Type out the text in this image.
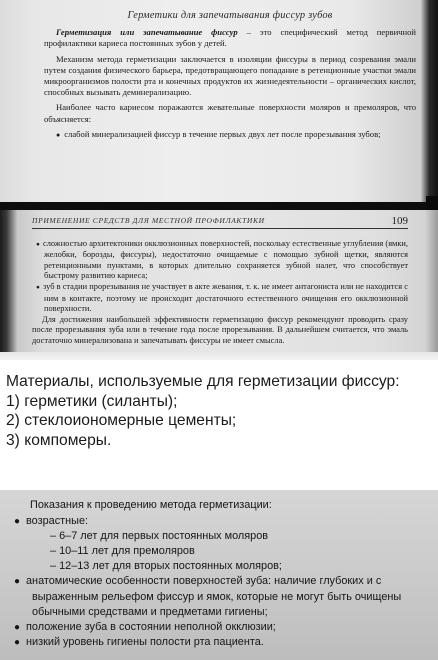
Герметики для запечатывания фиссур зубов

Герметизация или запечатывание фиссур – это специфический метод первичной профилактики кариеса постоянных зубов у детей.

Механизм метода герметизации заключается в изоляции фиссуры в период созревания эмали путем создания физического барьера, предотвращающего попадание в ретенционные участки эмали микроорганизмов полости рта и конечных продуктов их жизнедеятельности – органических кислот, способных вызывать деминерализацию.

Наиболее часто кариесом поражаются жевательные поверхности моляров и премоляров, что объясняется:

● слабой минерализацией фиссур в течение первых двух лет после прорезывания зубов;
ПРИМЕНЕНИЕ СРЕДСТВ ДЛЯ МЕСТНОЙ ПРОФИЛАКТИКИ	109
● сложностью архитектоники окклюзионных поверхностей, поскольку естественные углубления (ямки, желобки, борозды, фиссуры), недостаточно очищаемые с помощью зубной щетки, являются ретенционными пунктами, в которых длительно сохраняется зубной налет, что способствует быстрому развитию кариеса;
● зуб в стадии прорезывания не участвует в акте жевания, т. к. не имеет антагониста или не находится с ним в контакте, поэтому не происходит достаточного естественного очищения его окклюзионной поверхности.

Для достижения наибольшей эффективности герметизацию фиссур рекомендуют проводить сразу после прорезывания зуба или в течение года после прорезывания. В дальнейшем считается, что эмаль достаточно минерализована и запечатывать фиссуры не имеет смысла.

Материалы, используемые для герметизации фиссур:
1) герметики (силанты);
2) стеклоиономерные цементы;
3) компомеры.
Показания к проведению метода герметизации:
● возрастные:
– 6–7 лет для первых постоянных моляров
– 10–11 лет для премоляров
– 12–13 лет для вторых постоянных моляров;
● анатомические особенности поверхностей зуба: наличие глубоких и с
выраженным рельефом фиссур и ямок, которые не могут быть очищены
обычными средствами и предметами гигиены;
● положение зуба в состоянии неполной окклюзии;
● низкий уровень гигиены полости рта пациента.
